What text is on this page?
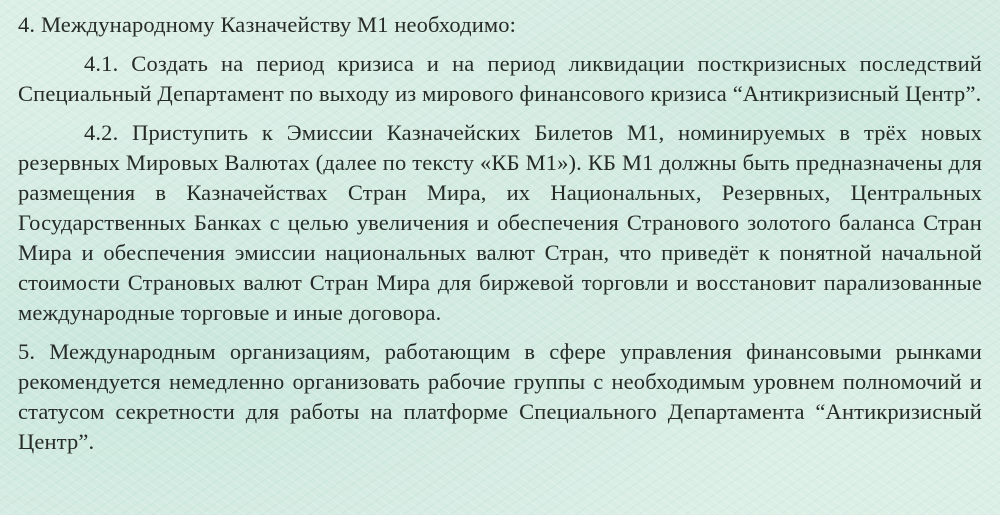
4. Международному Казначейству М1 необходимо:

4.1. Создать на период кризиса и на период ликвидации посткризисных последствий Специальный Департамент по выходу из мирового финансового кризиса “Антикризисный Центр”.

4.2. Приступить к Эмиссии Казначейских Билетов М1, номинируемых в трёх новых резервных Мировых Валютах (далее по тексту «КБ М1»). КБ М1 должны быть предназначены для размещения в Казначействах Стран Мира, их Национальных, Резервных, Центральных Государственных Банках с целью увеличения и обеспечения Странового золотого баланса Стран Мира и обеспечения эмиссии национальных валют Стран, что приведёт к понятной начальной стоимости Страновых валют Стран Мира для биржевой торговли и восстановит парализованные международные торговые и иные договора.

5. Международным организациям, работающим в сфере управления финансовыми рынками рекомендуется немедленно организовать рабочие группы с необходимым уровнем полномочий и статусом секретности для работы на платформе Специального Департамента “Антикризисный Центр”.
